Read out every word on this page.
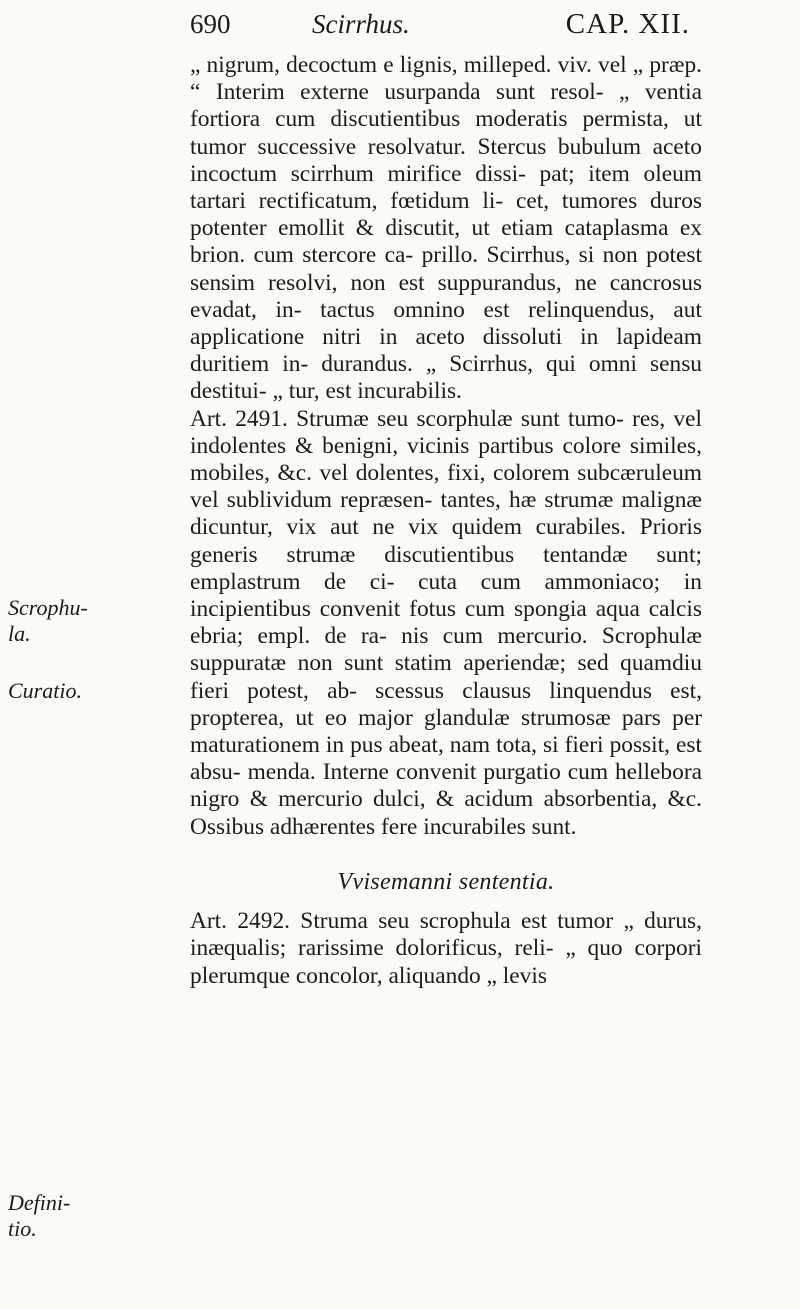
690	Scirrhus.	CAP. XII.
Scrophu-la.
Curatio.
Defini-tio.

„ nigrum, decoctum e lignis, milleped. viv. vel „ præp. “ Interim externe usurpanda sunt resol- „ ventia fortiora cum discutientibus moderatis permista, ut tumor successive resolvatur. Stercus bubulum aceto incoctum scirrhum mirifice dissi- pat; item oleum tartari rectificatum, fœtidum li- cet, tumores duros potenter emollit & discutit, ut etiam cataplasma ex brion. cum stercore ca- prillo. Scirrhus, si non potest sensim resolvi, non est suppurandus, ne cancrosus evadat, in- tactus omnino est relinquendus, aut applicatione nitri in aceto dissoluti in lapideam duritiem in- durandus. „ Scirrhus, qui omni sensu destitui- „ tur, est incurabilis.

Art. 2491. Strumæ seu scorphulæ sunt tumo- res, vel indolentes & benigni, vicinis partibus colore similes, mobiles, &c. vel dolentes, fixi, colorem subcæruleum vel sublividum repræsen- tantes, hæ strumæ malignæ dicuntur, vix aut ne vix quidem curabiles. Prioris generis strumæ discutientibus tentandæ sunt; emplastrum de ci- cuta cum ammoniaco; in incipientibus convenit fotus cum spongia aqua calcis ebria; empl. de ra- nis cum mercurio. Scrophulæ suppuratæ non sunt statim aperiendæ; sed quamdiu fieri potest, ab- scessus clausus linquendus est, propterea, ut eo major glandulæ strumosæ pars per maturationem in pus abeat, nam tota, si fieri possit, est absu- menda. Interne convenit purgatio cum hellebora nigro & mercurio dulci, & acidum absorbentia, &c. Ossibus adhærentes fere incurabiles sunt.

Vvisemanni sententia.

Art. 2492. Struma seu scrophula est tumor „ durus, inæqualis; rarissime dolorificus, reli- „ quo corpori plerumque concolor, aliquando „ levis
